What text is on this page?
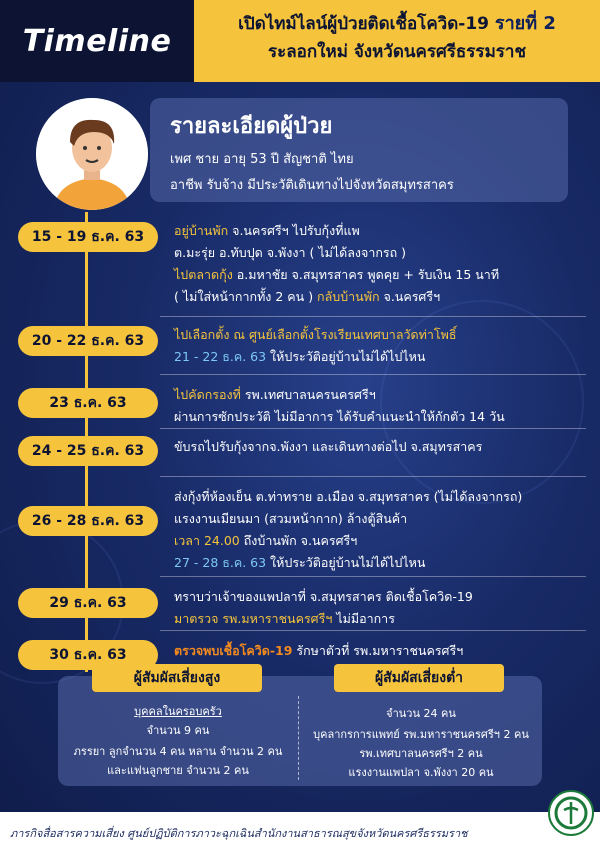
Timeline	เปิดไทม์ไลน์ผู้ป่วยติดเชื้อโควิด-19 รายที่ 2
ระลอกใหม่ จังหวัดนครศรีธรรมราช
รายละเอียดผู้ป่วย
เพศ ชาย อายุ 53 ปี สัญชาติ ไทย
อาชีพ รับจ้าง มีประวัติเดินทางไปจังหวัดสมุทรสาคร
15 - 19 ธ.ค. 63	อยู่บ้านพัก จ.นครศรีฯ ไปรับกุ้งที่แพ
ต.มะรุ่ย อ.ทับปุด จ.พังงา ( ไม่ได้ลงจากรถ )
ไปตลาดกุ้ง อ.มหาชัย จ.สมุทรสาคร พูดคุย + รับเงิน 15 นาที
( ไม่ใส่หน้ากากทั้ง 2 คน ) กลับบ้านพัก จ.นครศรีฯ
20 - 22 ธ.ค. 63	ไปเลือกตั้ง ณ ศูนย์เลือกตั้งโรงเรียนเทศบาลวัดท่าโพธิ์
21 - 22 ธ.ค. 63 ให้ประวัติอยู่บ้านไม่ได้ไปไหน
23 ธ.ค. 63
ไปคัดกรองที่ รพ.เทศบาลนครนครศรีฯ
ผ่านการซักประวัติ ไม่มีอาการ ได้รับคำแนะนำให้กักตัว 14 วัน
24 - 25 ธ.ค. 63	ขับรถไปรับกุ้งจากจ.พังงา และเดินทางต่อไป จ.สมุทรสาคร
26 - 28 ธ.ค. 63
ส่งกุ้งที่ห้องเย็น ต.ท่าทราย อ.เมือง จ.สมุทรสาคร (ไม่ได้ลงจากรถ)
แรงงานเมียนมา (สวมหน้ากาก) ล้างตู้สินค้า
เวลา 24.00 ถึงบ้านพัก จ.นครศรีฯ
27 - 28 ธ.ค. 63 ให้ประวัติอยู่บ้านไม่ได้ไปไหน
29 ธ.ค. 63	ทราบว่าเจ้าของแพปลาที่ จ.สมุทรสาคร ติดเชื้อโควิด-19
มาตรวจ รพ.มหาราชนครศรีฯ ไม่มีอาการ
30 ธ.ค. 63	ตรวจพบเชื้อโควิด-19 รักษาตัวที่ รพ.มหาราชนครศรีฯ
ผู้สัมผัสเสี่ยงสูง	ผู้สัมผัสเสี่ยงต่ำ
บุคคลในครอบครัว
จำนวน 9 คน
ภรรยา ลูกจำนวน 4 คน หลาน จำนวน 2 คน
และแฟนลูกชาย จำนวน 2 คน
จำนวน 24 คน
บุคลากรการแพทย์ รพ.มหาราชนครศรีฯ 2 คน
รพ.เทศบาลนครศรีฯ 2 คน
แรงงานแพปลา จ.พังงา 20 คน
ภารกิจสื่อสารความเสี่ยง ศูนย์ปฏิบัติการภาวะฉุกเฉินสำนักงานสาธารณสุขจังหวัดนครศรีธรรมราช
